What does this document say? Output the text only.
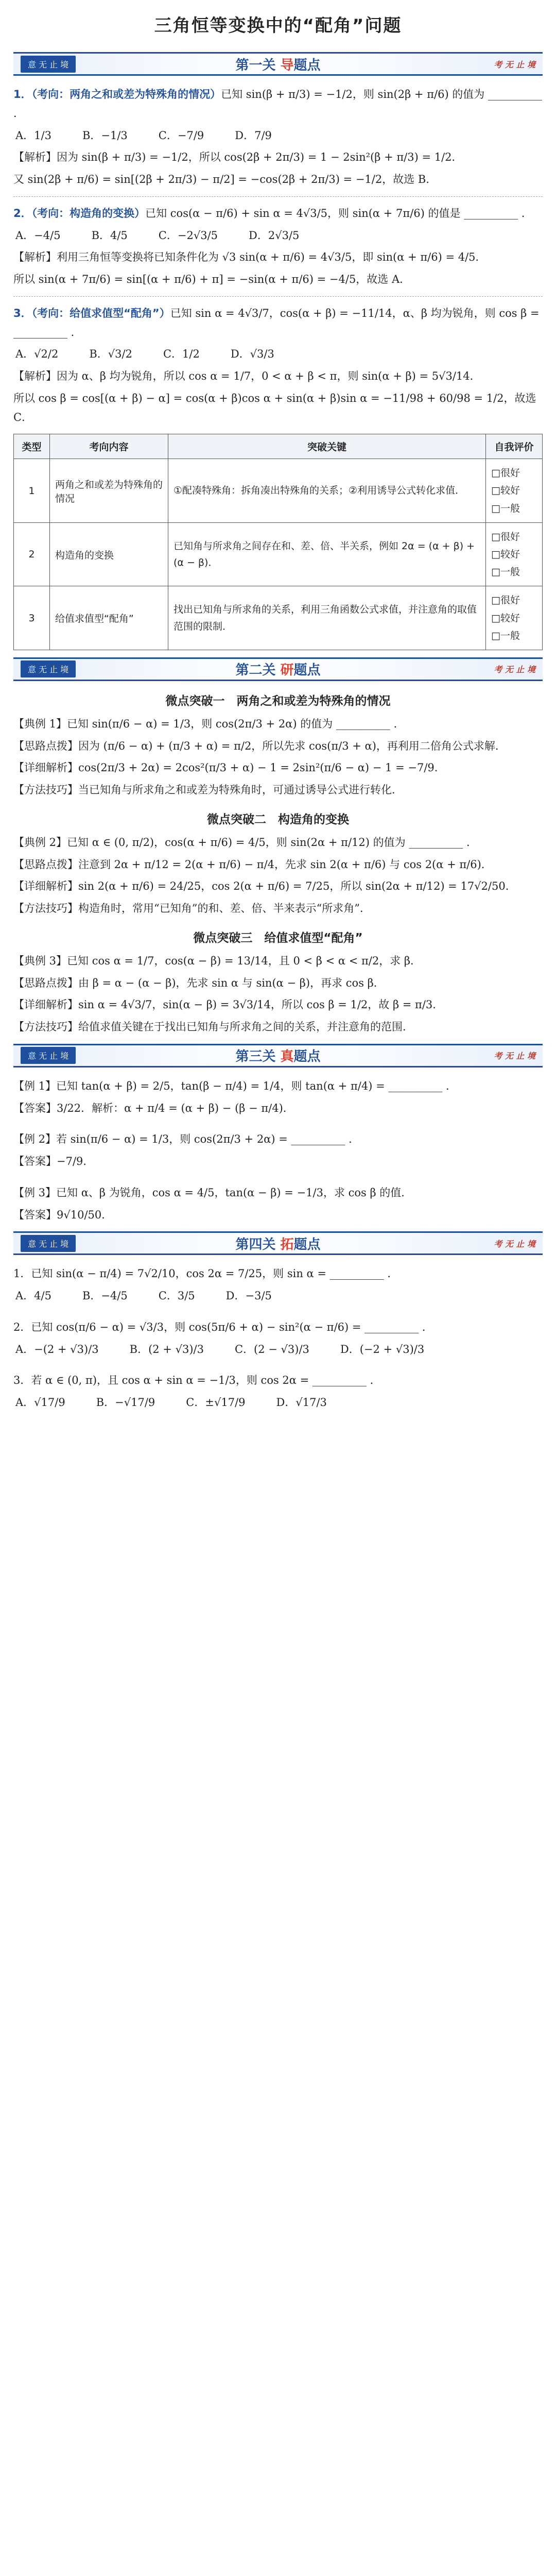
三角恒等变换中的“配角”问题
意 无 止 境	第一关 导题点	考 无 止 境

1．（考向：两角之和或差为特殊角的情况）已知 sin(β + π/3) = −1/2，则 sin(2β + π/6) 的值为 __________ ．

A．1/3	B．−1/3	C．−7/9	D．7/9

【解析】因为 sin(β + π/3) = −1/2，所以 cos(2β + 2π/3) = 1 − 2sin²(β + π/3) = 1/2．

又 sin(2β + π/6) = sin[(2β + 2π/3) − π/2] = −cos(2β + 2π/3) = −1/2，故选 B．

2．（考向：构造角的变换）已知 cos(α − π/6) + sin α = 4√3/5，则 sin(α + 7π/6) 的值是 __________ ．

A．−4/5	B．4/5	C．−2√3/5	D．2√3/5

【解析】利用三角恒等变换将已知条件化为 √3 sin(α + π/6) = 4√3/5，即 sin(α + π/6) = 4/5．

所以 sin(α + 7π/6) = sin[(α + π/6) + π] = −sin(α + π/6) = −4/5，故选 A．

3．（考向：给值求值型“配角”）已知 sin α = 4√3/7，cos(α + β) = −11/14，α、β 均为锐角，则 cos β = __________ ．

A．√2/2	B．√3/2	C．1/2	D．√3/3

【解析】因为 α、β 均为锐角，所以 cos α = 1/7，0 < α + β < π，则 sin(α + β) = 5√3/14．

所以 cos β = cos[(α + β) − α] = cos(α + β)cos α + sin(α + β)sin α = −11/98 + 60/98 = 1/2，故选 C．

类型	考向内容	突破关键	自我评价
1	两角之和或差为特殊角的情况	①配凑特殊角：拆角凑出特殊角的关系；②利用诱导公式转化求值．	□很好
□较好
□一般

2	构造角的变换	已知角与所求角之间存在和、差、倍、半关系，例如 2α = (α + β) + (α − β)．	□很好
□较好
□一般

3	给值求值型“配角”	找出已知角与所求角的关系，利用三角函数公式求值，并注意角的取值范围的限制．	□很好
□较好
□一般
意 无 止 境	第二关 研题点	考 无 止 境
微点突破一　两角之和或差为特殊角的情况

【典例 1】已知 sin(π/6 − α) = 1/3，则 cos(2π/3 + 2α) 的值为 __________ ．

【思路点拨】因为 (π/6 − α) + (π/3 + α) = π/2，所以先求 cos(π/3 + α)，再利用二倍角公式求解．

【详细解析】cos(2π/3 + 2α) = 2cos²(π/3 + α) − 1 = 2sin²(π/6 − α) − 1 = −7/9．

【方法技巧】当已知角与所求角之和或差为特殊角时，可通过诱导公式进行转化．

微点突破二　构造角的变换

【典例 2】已知 α ∈ (0, π/2)，cos(α + π/6) = 4/5，则 sin(2α + π/12) 的值为 __________ ．

【思路点拨】注意到 2α + π/12 = 2(α + π/6) − π/4，先求 sin 2(α + π/6) 与 cos 2(α + π/6)．

【详细解析】sin 2(α + π/6) = 24/25，cos 2(α + π/6) = 7/25，所以 sin(2α + π/12) = 17√2/50．

【方法技巧】构造角时，常用“已知角”的和、差、倍、半来表示“所求角”．

微点突破三　给值求值型“配角”

【典例 3】已知 cos α = 1/7，cos(α − β) = 13/14，且 0 < β < α < π/2，求 β．

【思路点拨】由 β = α − (α − β)，先求 sin α 与 sin(α − β)，再求 cos β．

【详细解析】sin α = 4√3/7，sin(α − β) = 3√3/14，所以 cos β = 1/2，故 β = π/3．

【方法技巧】给值求值关键在于找出已知角与所求角之间的关系，并注意角的范围．

意 无 止 境	第三关 真题点	考 无 止 境

【例 1】已知 tan(α + β) = 2/5，tan(β − π/4) = 1/4，则 tan(α + π/4) = __________ ．

【答案】3/22．解析：α + π/4 = (α + β) − (β − π/4)．

【例 2】若 sin(π/6 − α) = 1/3，则 cos(2π/3 + 2α) = __________ ．

【答案】−7/9．

【例 3】已知 α、β 为锐角，cos α = 4/5，tan(α − β) = −1/3，求 cos β 的值．

【答案】9√10/50．

意 无 止 境	第四关 拓题点	考 无 止 境

1．已知 sin(α − π/4) = 7√2/10，cos 2α = 7/25，则 sin α = __________ ．

A．4/5	B．−4/5	C．3/5	D．−3/5

2．已知 cos(π/6 − α) = √3/3，则 cos(5π/6 + α) − sin²(α − π/6) = __________ ．

A．−(2 + √3)/3	B．(2 + √3)/3	C．(2 − √3)/3	D．(−2 + √3)/3

3．若 α ∈ (0, π)，且 cos α + sin α = −1/3，则 cos 2α = __________ ．

A．√17/9	B．−√17/9	C．±√17/9	D．√17/3
